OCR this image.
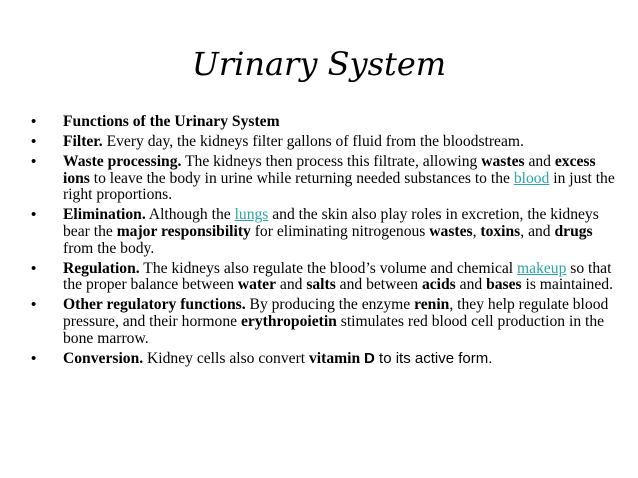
Urinary System
• Functions of the Urinary System
• Filter. Every day, the kidneys filter gallons of fluid from the bloodstream.
• Waste processing. The kidneys then process this filtrate, allowing wastes and excess ions to leave the body in urine while returning needed substances to the blood in just the right proportions.
• Elimination. Although the lungs and the skin also play roles in excretion, the kidneys bear the major responsibility for eliminating nitrogenous wastes, toxins, and drugs from the body.
• Regulation. The kidneys also regulate the blood’s volume and chemical makeup so that the proper balance between water and salts and between acids and bases is maintained.
• Other regulatory functions. By producing the enzyme renin, they help regulate blood pressure, and their hormone erythropoietin stimulates red blood cell production in the bone marrow.
• Conversion. Kidney cells also convert vitamin D to its active form.
